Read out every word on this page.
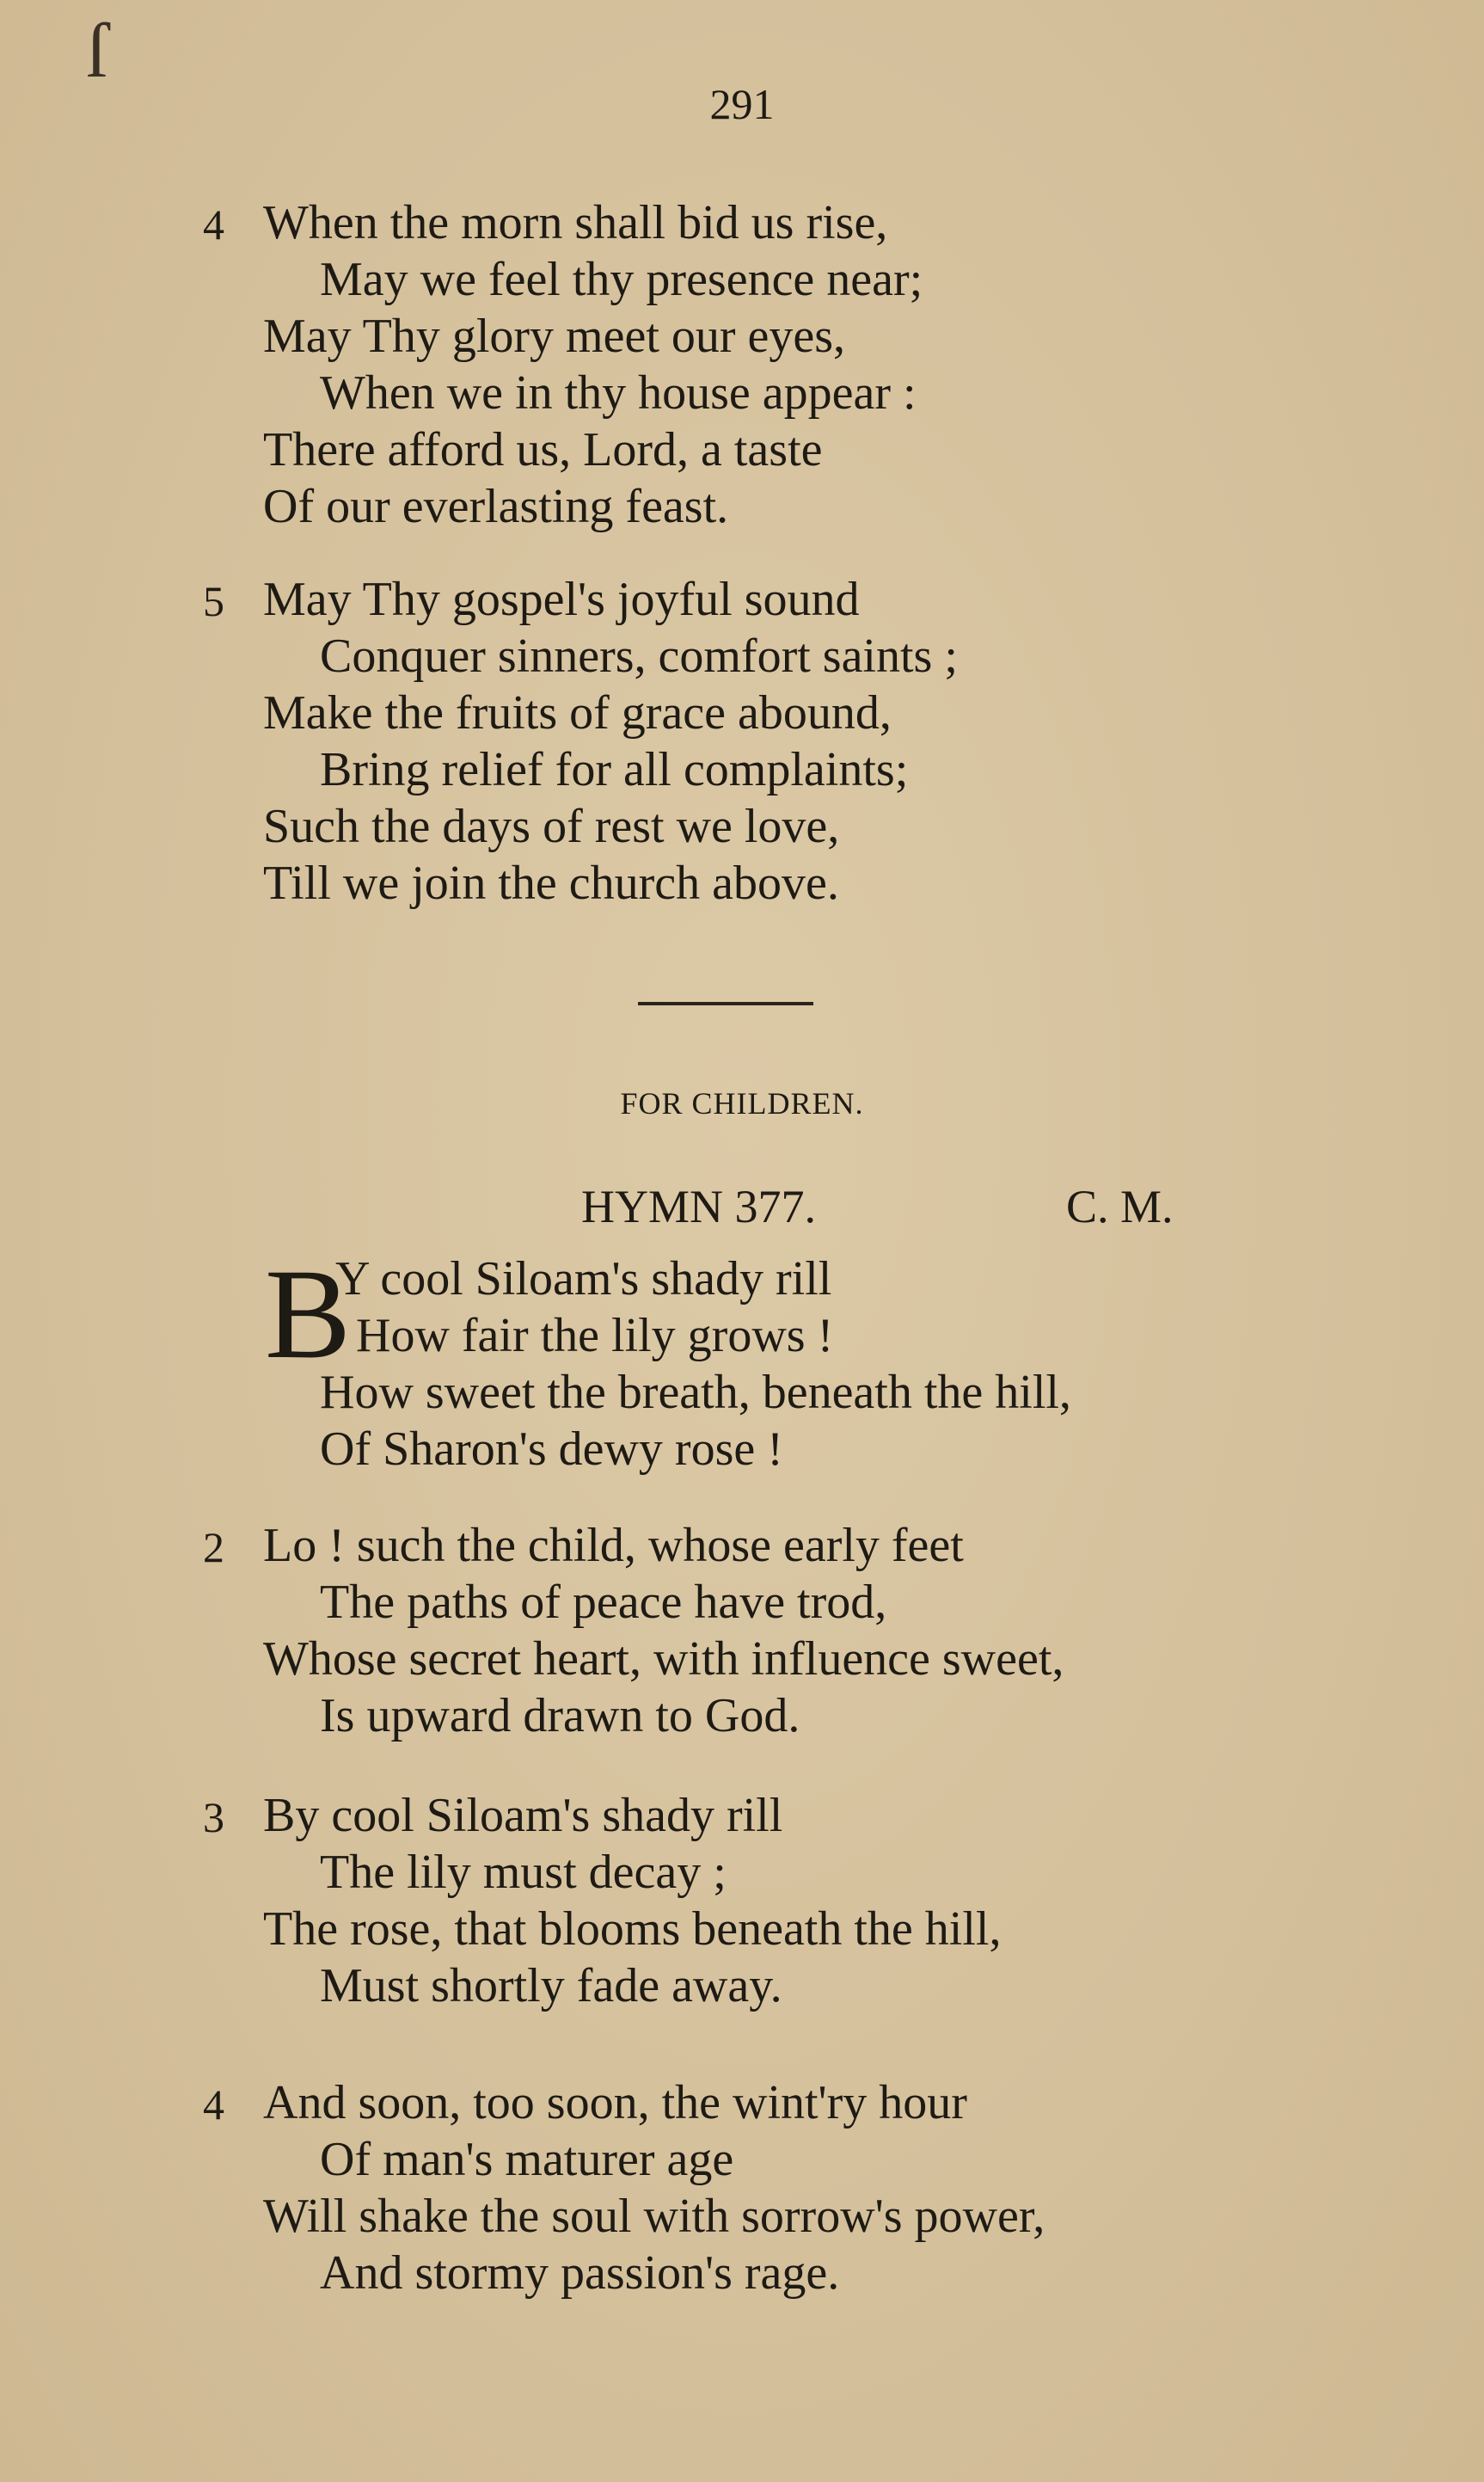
ſ
291
4 When the morn shall bid us rise,
May we feel thy presence near;
May Thy glory meet our eyes,
When we in thy house appear :
There afford us, Lord, a taste
Of our everlasting feast.
5 May Thy gospel's joyful sound
Conquer sinners, comfort saints ;
Make the fruits of grace abound,
Bring relief for all complaints;
Such the days of rest we love,
Till we join the church above.
FOR CHILDREN.
HYMN 377.	C. M.
B
Y cool Siloam's shady rill
How fair the lily grows !
How sweet the breath, beneath the hill,
Of Sharon's dewy rose !
2 Lo ! such the child, whose early feet
The paths of peace have trod,
Whose secret heart, with influence sweet,
Is upward drawn to God.
3 By cool Siloam's shady rill
The lily must decay ;
The rose, that blooms beneath the hill,
Must shortly fade away.
4 And soon, too soon, the wint'ry hour
Of man's maturer age
Will shake the soul with sorrow's power,
And stormy passion's rage.
